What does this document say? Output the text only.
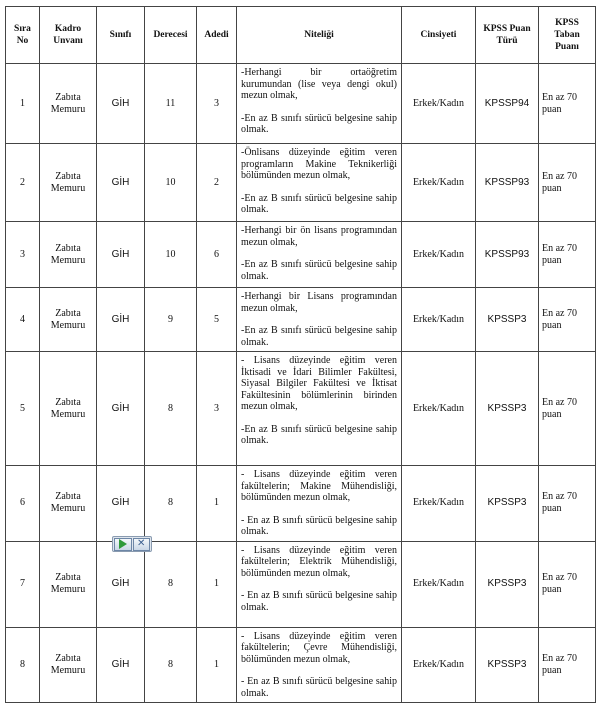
Sıra No	Kadro Unvanı	Sınıfı	Derecesi	Adedi	Niteliği	Cinsiyeti	KPSS Puan Türü	KPSS Taban Puanı
1	Zabıta Memuru	GİH	11	3	-Herhangi bir ortaöğretim kurumundan (lise veya dengi okul) mezun olmak,
-En az B sınıfı sürücü belgesine sahip olmak.	Erkek/Kadın	KPSSP94	En az 70 puan
2	Zabıta Memuru	GİH	10	2	-Önlisans düzeyinde eğitim veren programların Makine Teknikerliği bölümünden mezun olmak,
-En az B sınıfı sürücü belgesine sahip olmak.	Erkek/Kadın	KPSSP93	En az 70 puan
3	Zabıta Memuru	GİH	10	6	-Herhangi bir ön lisans programından mezun olmak,
-En az B sınıfı sürücü belgesine sahip olmak.	Erkek/Kadın	KPSSP93	En az 70 puan
4	Zabıta Memuru	GİH	9	5	-Herhangi bir Lisans programından mezun olmak,
-En az B sınıfı sürücü belgesine sahip olmak.	Erkek/Kadın	KPSSP3	En az 70 puan
5	Zabıta Memuru	GİH	8	3	- Lisans düzeyinde eğitim veren İktisadi ve İdari Bilimler Fakültesi, Siyasal Bilgiler Fakültesi ve İktisat Fakültesinin bölümlerinin birinden mezun olmak,
-En az B sınıfı sürücü belgesine sahip olmak.	Erkek/Kadın	KPSSP3	En az 70 puan
6	Zabıta Memuru	GİH	8	1	- Lisans düzeyinde eğitim veren fakültelerin; Makine Mühendisliği, bölümünden mezun olmak,
- En az B sınıfı sürücü belgesine sahip olmak.	Erkek/Kadın	KPSSP3	En az 70 puan
7	Zabıta Memuru	GİH	8	1	- Lisans düzeyinde eğitim veren fakültelerin; Elektrik Mühendisliği, bölümünden mezun olmak,
- En az B sınıfı sürücü belgesine sahip olmak.	Erkek/Kadın	KPSSP3	En az 70 puan
8	Zabıta Memuru	GİH	8	1	- Lisans düzeyinde eğitim veren fakültelerin; Çevre Mühendisliği, bölümünden mezun olmak,
- En az B sınıfı sürücü belgesine sahip olmak.	Erkek/Kadın	KPSSP3	En az 70 puan
✕
